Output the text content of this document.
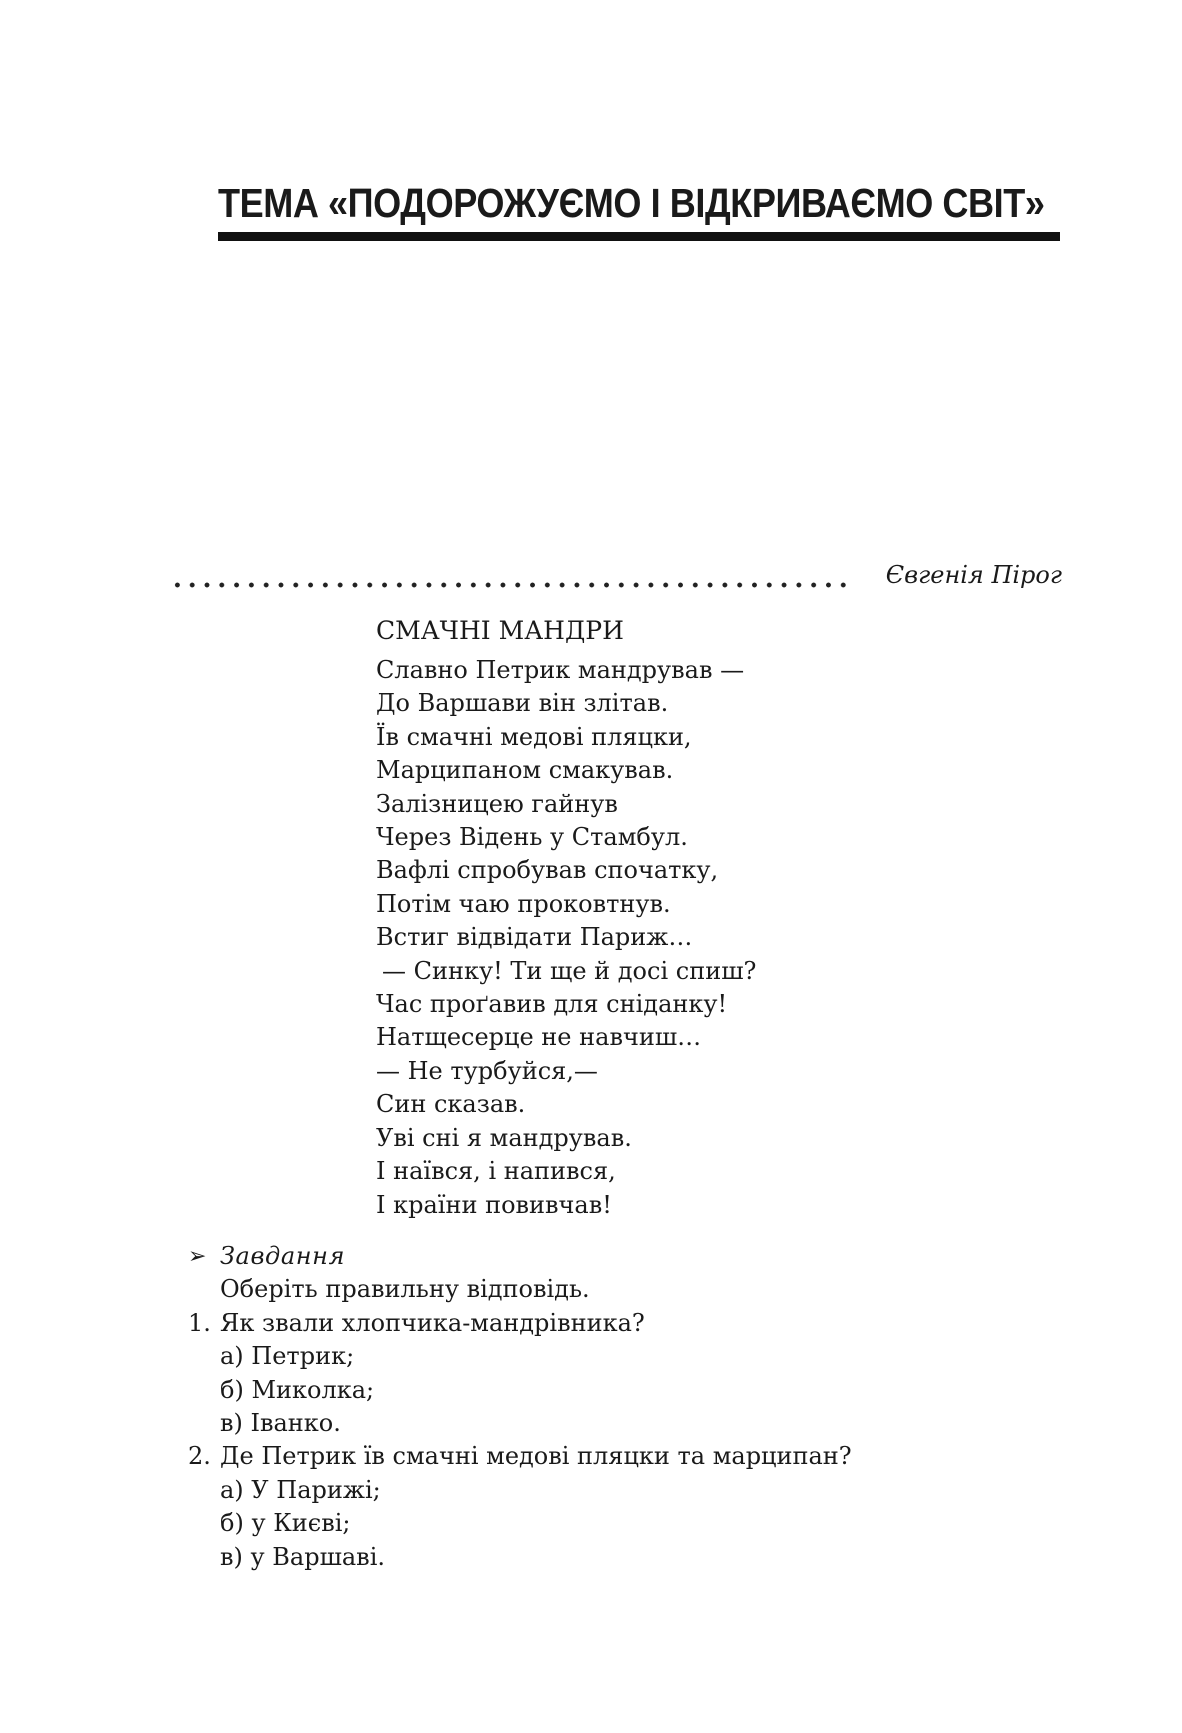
ТЕМА «ПОДОРОЖУЄМО І ВІДКРИВАЄМО СВІТ»
Євгенія Пірог
СМАЧНІ МАНДРИ
Славно Петрик мандрував —
До Варшави він злітав.
Їв смачні медові пляцки,
Марципаном смакував.
Залізницею гайнув
Через Відень у Стамбул.
Вафлі спробував спочатку,
Потім чаю проковтнув.
Встиг відвідати Париж…
— Синку! Ти ще й досі спиш?
Час проґавив для сніданку!
Натщесерце не навчиш…
— Не турбуйся,—
Син сказав.
Уві сні я мандрував.
І наївся, і напився,
І країни повивчав!
➢ Завдання
Оберіть правильну відповідь.
1. Як звали хлопчика-мандрівника?
а) Петрик;
б) Миколка;
в) Іванко.
2. Де Петрик їв смачні медові пляцки та марципан?
а) У Парижі;
б) у Києві;
в) у Варшаві.
